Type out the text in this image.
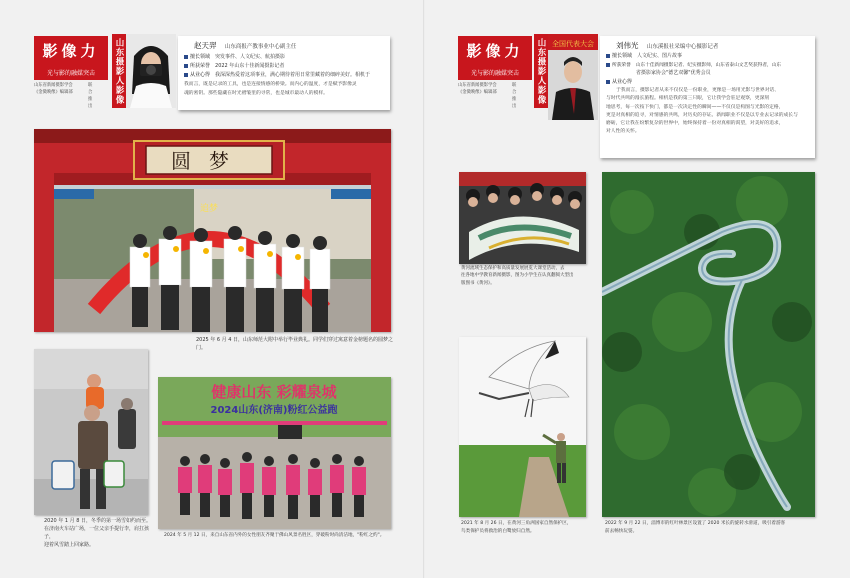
影像力
光与影的融媒突击
山东省新闻摄影学会
《金微映像》编辑部
联合推出
山东摄影人影像	赵天羿 山东商报产教事业中心副主任
擅长领域 突发事件、人文纪实、航拍摄影
所获荣誉 2022 年山东十佳新闻摄影记者
从业心得 我深深热爱着这项事业，满心期待着用日常里藏着的细碎美好。相机于
我而言，既是记录的工具，也是连接情感的桥梁。而内心的温度，才是赋予影像灵
魂的密钥。那些隐藏在时光褶皱里的寻常，也是城市最动人的模样。
圆梦
追梦
2025 年 6 月 4 日，山东师范大附中举行毕业典礼。同学们穿过寓意着金榜题名的圆梦之门。
2020 年 1 月 8 日，冬季的第一场雪如约而至。
在济南火车站广场，一位父亲手提行李，肩扛孩子，
迎着风雪踏上回家路。
健康山东 彩耀泉城
2024山东(济南)粉红公益跑
2024 年 5 月 12 日，来自山东省内外的女性朋友齐聚于佛山风景名胜区，穿破粉时尚清洁地，"粉红之约"。
影像力
光与影的融媒突击
山东省新闻摄影学会
《金微映像》编辑部
联合推出
山东摄影人影像 全国代表大会	刘伟光 山东溪报社采编中心摄影记者
擅长领域 人文纪实、图片故事
所获荣誉 山东十佳新闻摄影记者、纪实摄影师，山东省泰山文艺奖获得者，山东
省摄影家协会"德艺双馨"优秀会员
从业心得
于我而言，摄影记者从来不仅仅是一份职业，更像是一场用光影与世界对话、
与时代共鸣的漫长旅程。相机是我的第三只眼，它让我学会驻足观察，更深刻
地思考，每一次按下快门，都是一次决定性的瞬间——不仅仅是构图与光影的定格，
更是对真相的追寻，对情感的共鸣，对历史的存证。新闻职业不仅是以专业去记录的成长与
磨砺，它让我在纷繁复杂的世界中，始终保持着一份对真相的渴望，对美好的追求，
对人性的关怀。
黄河流域生态保护和高质量发展展览大课堂活动，去
往各地中学教育新闻摄影，图为小学生在认真翻阅大型出
版图书《黄河》。
2021 年 8 月 26 日，在黄河三角洲国家自然保护区，
鸟类保护员将救治的白鹭放归自然。
2022 年 9 月 22 日，淄博市的红叶林景区设置了 2020 米长的旋转水滑道，吸引着游客
前去畅快玩耍。
